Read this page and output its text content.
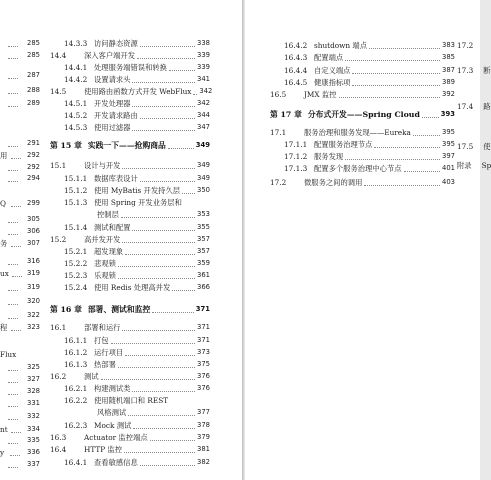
285
285
287
288
289
291
用	292
292
294
Q	299
305
306
务	307
316
ux	319
319
320
322
程	323
Flux
325
327
328
331
332
nt	334
335
y	336
337
14.3.3 访问静态资源	338
14.4	深入客户端开发	339
14.4.1 处理服务端错误和转换	339
14.4.2 设置请求头	341
14.5	使用路由函数方式开发 WebFlux 342
14.5.1 开发处理器	342
14.5.2 开发请求路由	344
14.5.3 使用过滤器	347
第 15 章 实践一下——抢购商品	349
15.1	设计与开发	349
15.1.1 数据库表设计	349
15.1.2 使用 MyBatis 开发持久层 350
15.1.3 使用 Spring 开发业务层和
控制层	353
15.1.4 测试和配置	355
15.2	高并发开发	357
15.2.1 超发现象	357
15.2.2 悲观锁	359
15.2.3 乐观锁	361
15.2.4 使用 Redis 处理高并发	366
第 16 章 部署、测试和监控	371
16.1	部署和运行	371
16.1.1 打包	371
16.1.2 运行项目	373
16.1.3 热部署	375
16.2	测试	376
16.2.1 构建测试类	376
16.2.2 使用随机端口和 REST
风格测试	377
16.2.3 Mock 测试	378
16.3	Actuator 监控端点	379
16.4	HTTP 监控	381
16.4.1 查看敏感信息	382
16.4.2 shutdown 端点	383
16.4.3 配置端点	385
16.4.4 自定义端点	387
16.4.5 健康指标项	389
16.5	JMX 监控	392
第 17 章 分布式开发——Spring Cloud	393
17.1	服务治理和服务发现——Eureka	395
17.1.1 配置服务治理节点	395
17.1.2 服务发现	397
17.1.3 配置多个服务治理中心节点	401
17.2	微服务之间的调用	403
17.2
17.3 断
17.4 路
17.5 使
附录 Sp
